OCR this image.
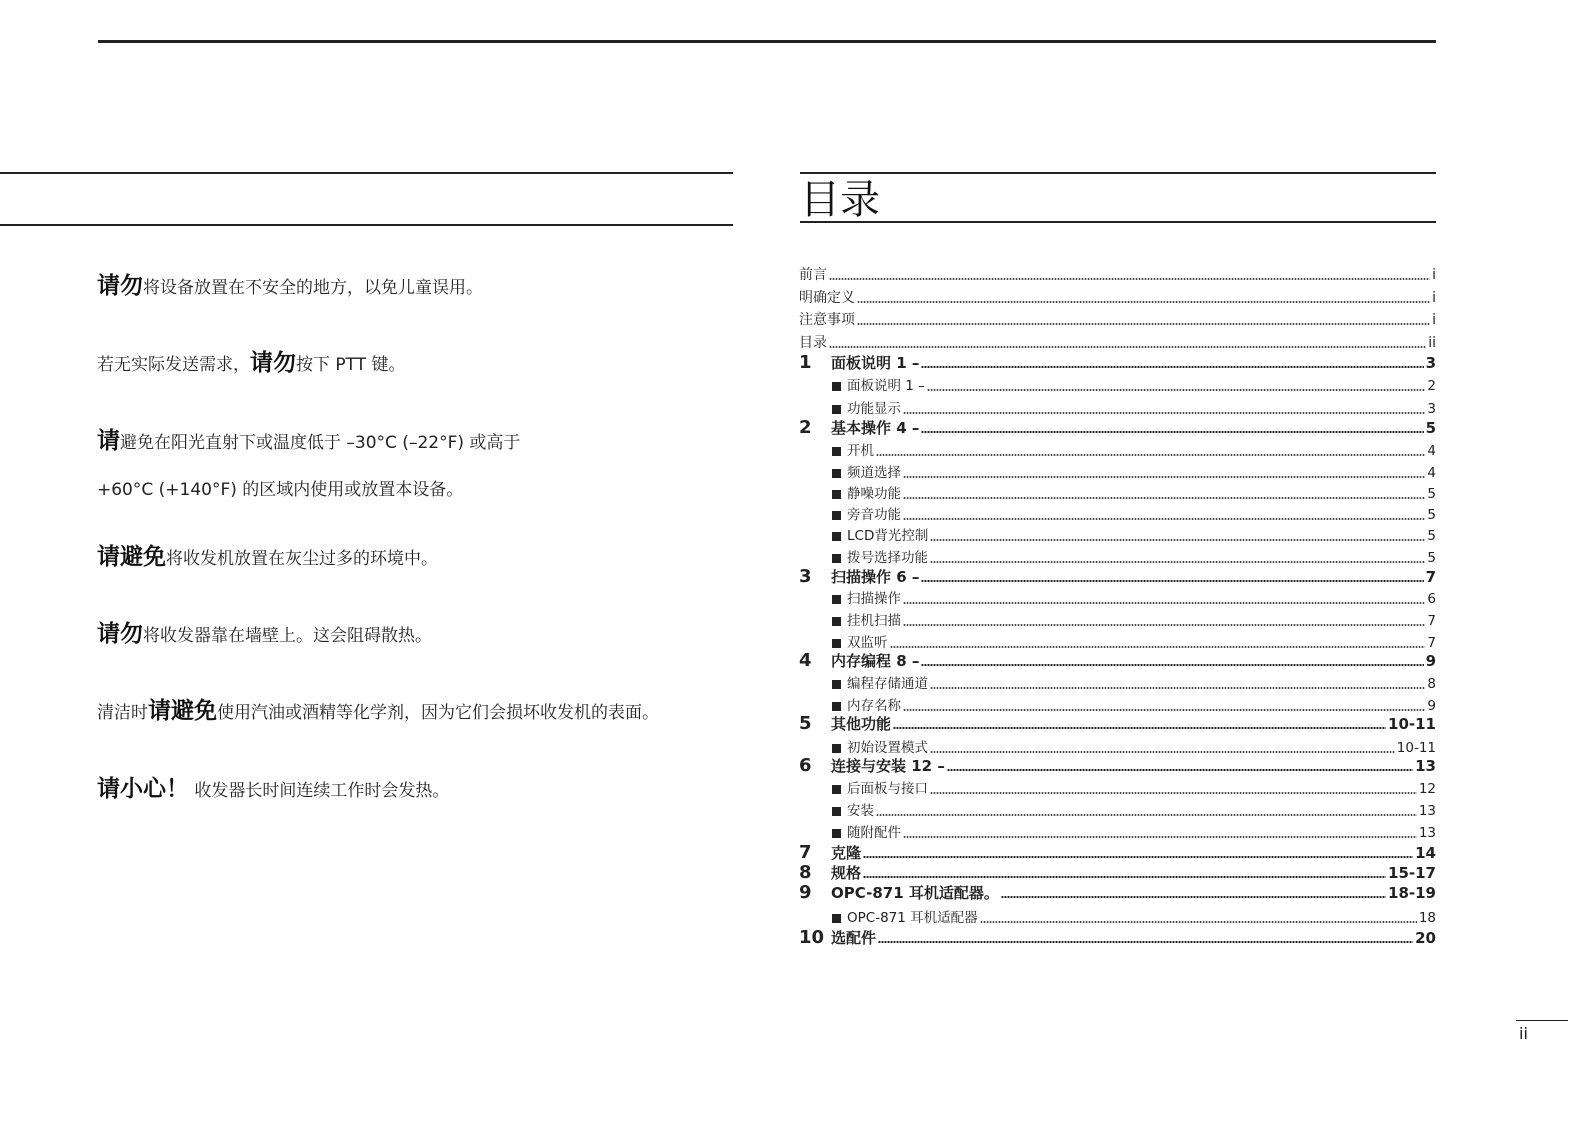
请勿将设备放置在不安全的地方，以免儿童误用。

若无实际发送需求，请勿按下 PTT 键。

请避免在阳光直射下或温度低于 –30°C (–22°F) 或高于

+60°C (+140°F) 的区域内使用或放置本设备。

请避免将收发机放置在灰尘过多的环境中。

请勿将收发器靠在墙壁上。这会阻碍散热。

清洁时请避免使用汽油或酒精等化学剂，因为它们会损坏收发机的表面。

请小心！ 收发器长时间连续工作时会发热。

目录
前言	i
明确定义	i
注意事项	i
目录	ii
1	面板说明 1 –	3
面板说明 1 –	2
功能显示	3
2	基本操作 4 –	5
开机	4
频道选择	4
静噪功能	5
旁音功能	5
LCD背光控制	5
拨号选择功能	5
3	扫描操作 6 –	7
扫描操作	6
挂机扫描	7
双监听	7
4	内存编程 8 –	9
编程存储通道	8
内存名称	9
5	其他功能	10-11
初始设置模式	10-11
6	连接与安装 12 –	13
后面板与接口	12
安装	13
随附配件	13
7	克隆	14
8	规格	15-17
9	OPC-871 耳机适配器。	18-19
OPC-871 耳机适配器	18
10 选配件	20
ii
